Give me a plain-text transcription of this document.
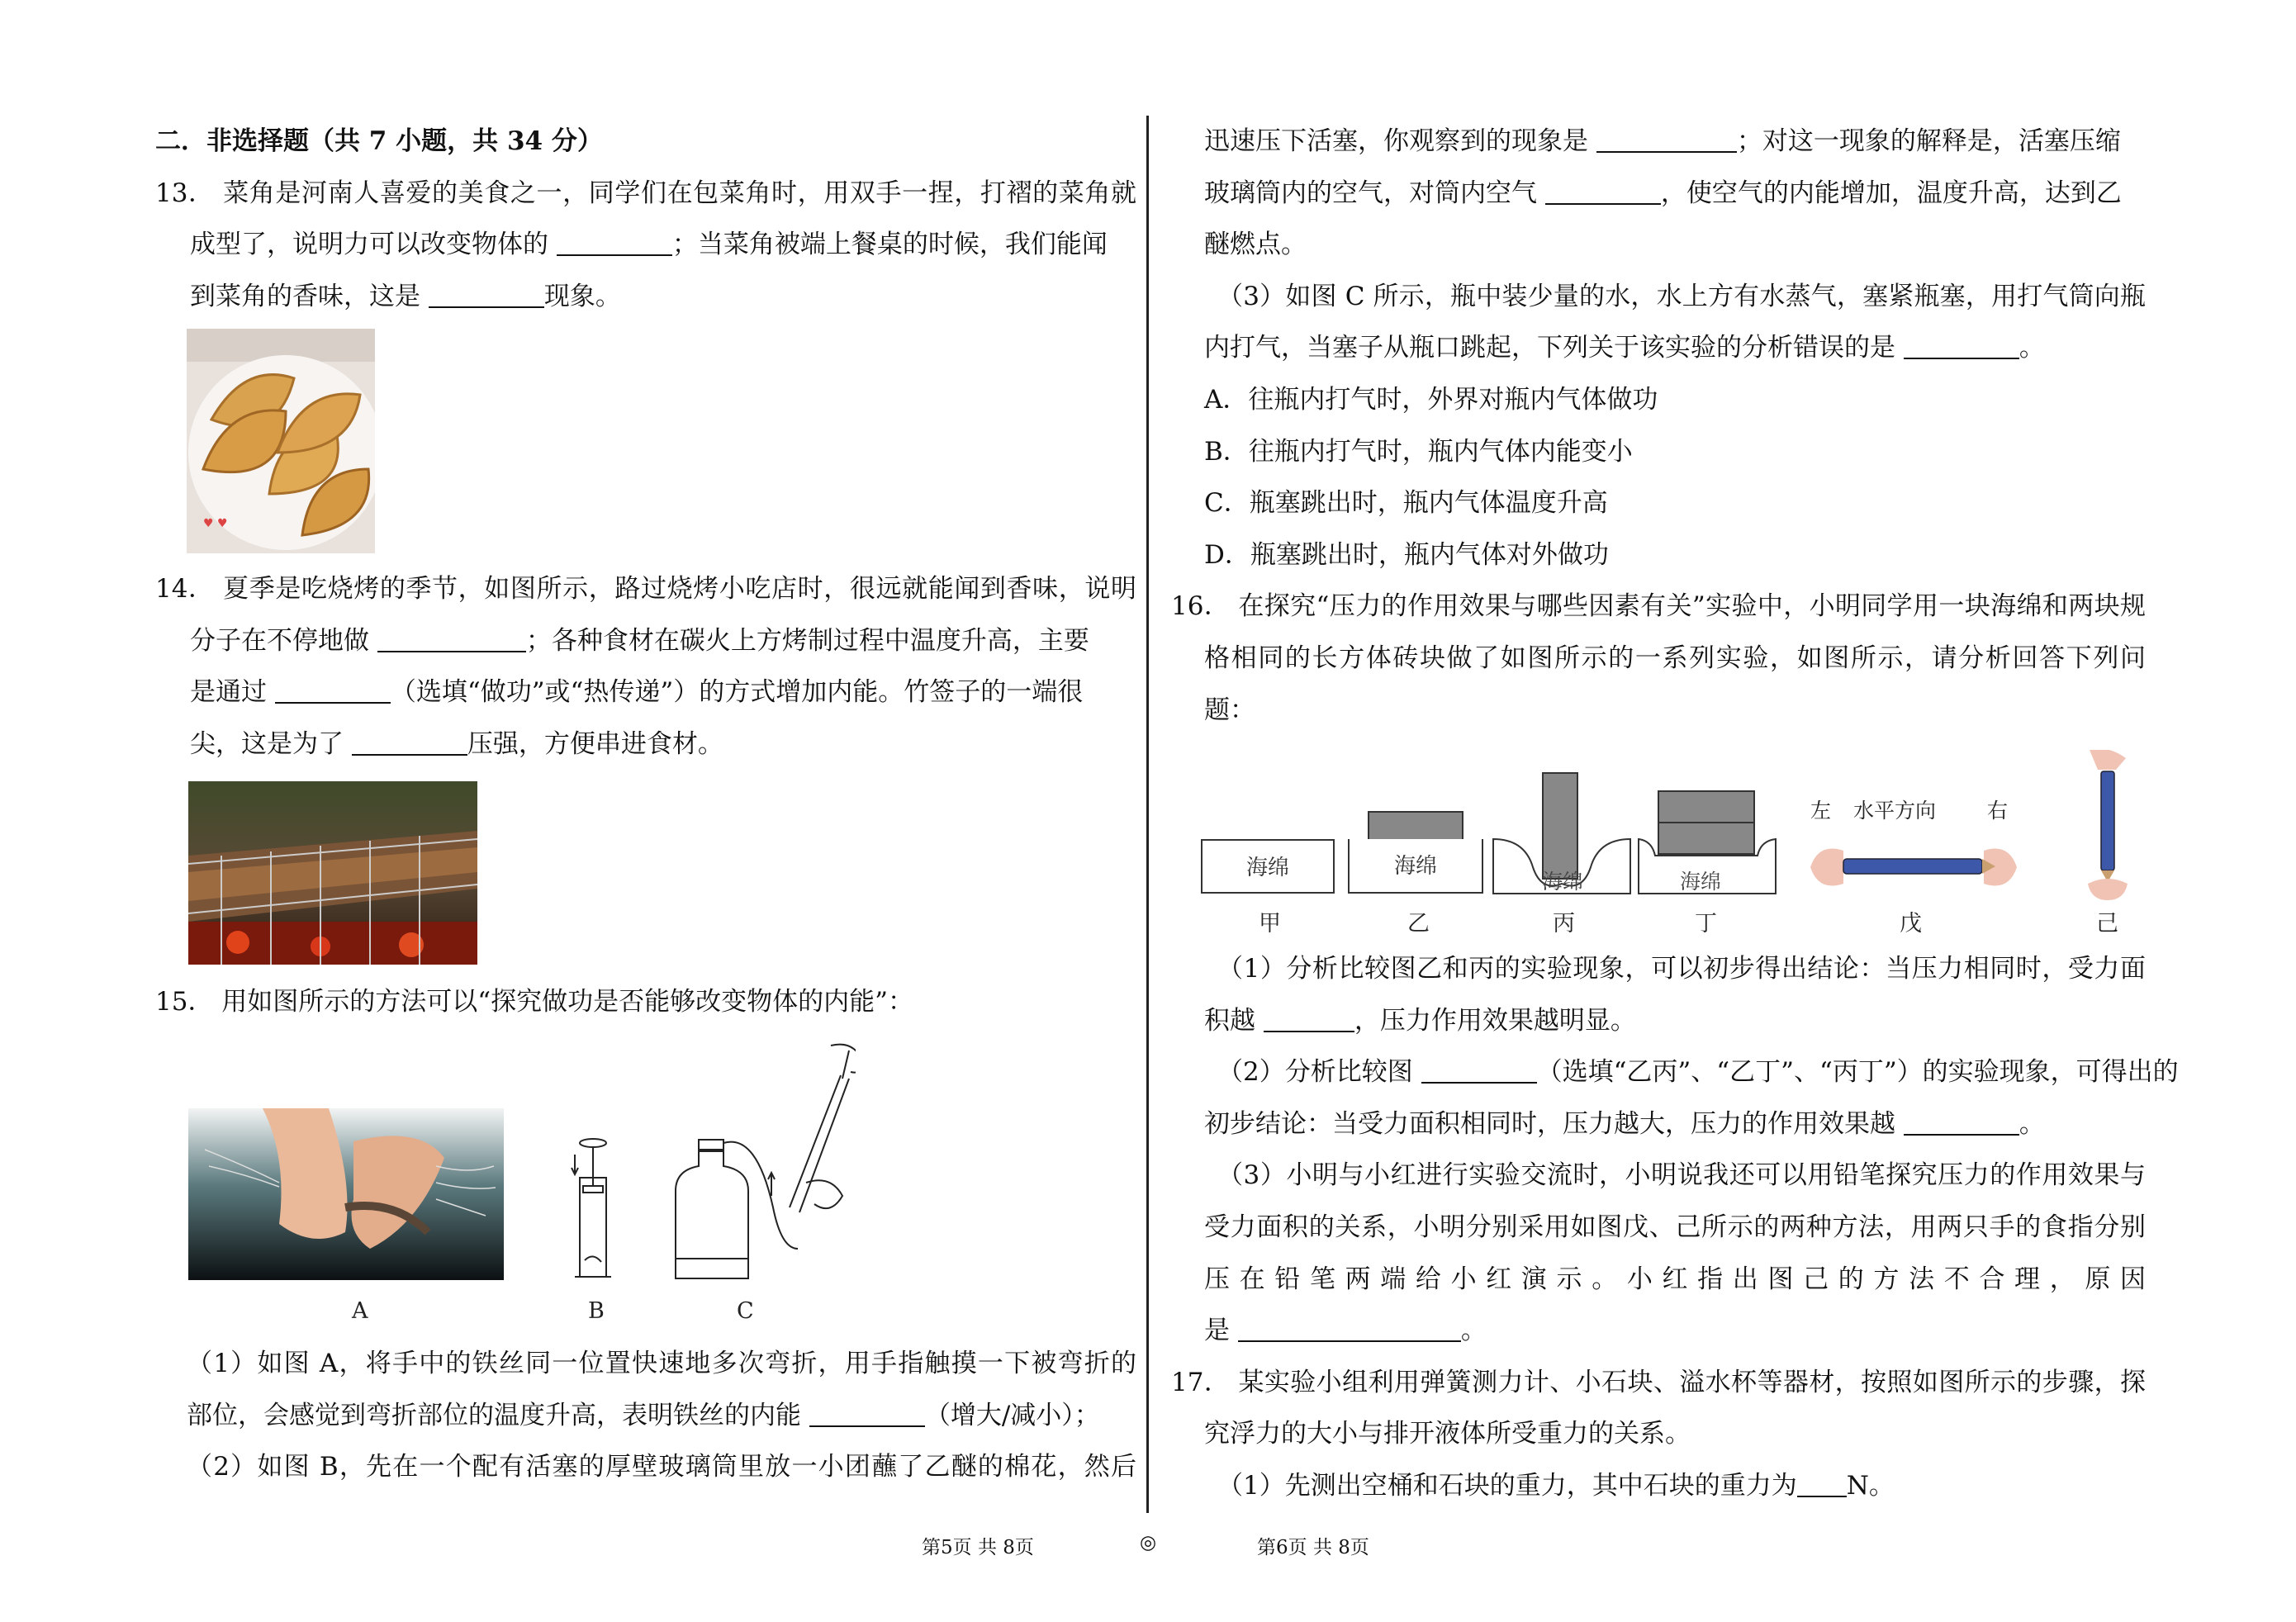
二．非选择题（共 7 小题，共 34 分）
13． 菜角是河南人喜爱的美食之一，同学们在包菜角时，用双手一捏，打褶的菜角就
成型了，说明力可以改变物体的	；当菜角被端上餐桌的时候，我们能闻
到菜角的香味，这是	现象。
♥ ♥
14． 夏季是吃烧烤的季节，如图所示，路过烧烤小吃店时，很远就能闻到香味，说明
分子在不停地做	；各种食材在碳火上方烤制过程中温度升高，主要
是通过	（选填“做功”或“热传递”）的方式增加内能。竹签子的一端很
尖，这是为了	压强，方便串进食材。
15． 用如图所示的方法可以“探究做功是否能够改变物体的内能”：
A	B	C
（1）如图 A，将手中的铁丝同一位置快速地多次弯折，用手指触摸一下被弯折的
部位，会感觉到弯折部位的温度升高，表明铁丝的内能	（增大/减小）；
（2）如图 B，先在一个配有活塞的厚壁玻璃筒里放一小团蘸了乙醚的棉花，然后
迅速压下活塞，你观察到的现象是	；对这一现象的解释是，活塞压缩
玻璃筒内的空气，对筒内空气	，使空气的内能增加，温度升高，达到乙
醚燃点。
（3）如图 C 所示，瓶中装少量的水，水上方有水蒸气，塞紧瓶塞，用打气筒向瓶
内打气，当塞子从瓶口跳起，下列关于该实验的分析错误的是	。
A．往瓶内打气时，外界对瓶内气体做功
B．往瓶内打气时，瓶内气体内能变小
C．瓶塞跳出时，瓶内气体温度升高
D．瓶塞跳出时，瓶内气体对外做功
16． 在探究“压力的作用效果与哪些因素有关”实验中，小明同学用一块海绵和两块规
格相同的长方体砖块做了如图所示的一系列实验，如图所示，请分析回答下列问
题：
海绵
甲
海绵
乙
海绵
丙
海绵
丁
左 水平方向 右
戊	己
（1）分析比较图乙和丙的实验现象，可以初步得出结论：当压力相同时，受力面
积越	，压力作用效果越明显。
（2）分析比较图	（选填“乙丙”、“乙丁”、“丙丁”）的实验现象，可得出的
初步结论：当受力面积相同时，压力越大，压力的作用效果越	。
（3）小明与小红进行实验交流时，小明说我还可以用铅笔探究压力的作用效果与
受力面积的关系，小明分别采用如图戊、己所示的两种方法，用两只手的食指分别
压在铅笔两端给小红演示。小红指出图己的方法不合理，原因
是	。
17． 某实验小组利用弹簧测力计、小石块、溢水杯等器材，按照如图所示的步骤，探
究浮力的大小与排开液体所受重力的关系。
（1）先测出空桶和石块的重力，其中石块的重力为 N。
第5页 共 8页	◎	第6页 共 8页
